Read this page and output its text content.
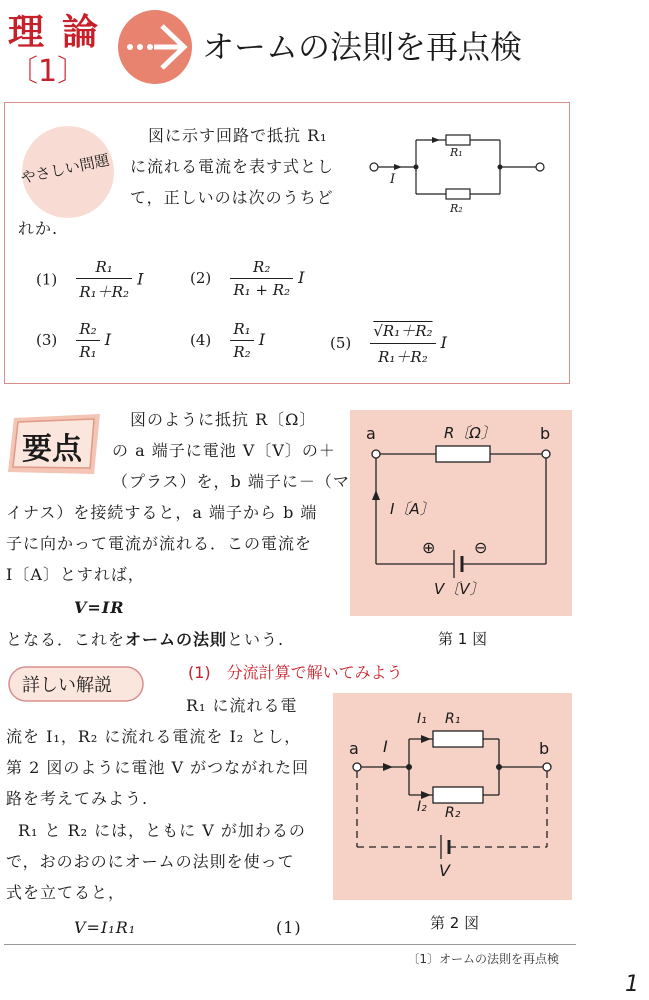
理論
〔1〕
オームの法則を再点検
やさしい問題
図に示す回路で抵抗 R₁
に流れる電流を表す式とし
て，正しいのは次のうちど
れか.
R₁
R₂
I
$(1) \frac{\text{R₁}}{\text{R₁＋R₂}}$ I	$(2) \frac{\text{R₂}}{\text{R₁ + R₂}}$ I
$(3) \frac{\text{R₂}}{\text{R₁}}$ I	$(4) \frac{\text{R₁}}{\text{R₂}}$ I	$(5) \frac{\text{√R₁＋R₂}}{\text{R₁＋R₂}}$ I
要点
図のように抵抗 R〔Ω〕
の a 端子に電池 V〔V〕の＋
（プラス）を，b 端子に－（マ
イナス）を接続すると，a 端子から b 端
子に向かって電流が流れる．この電流を
I〔A〕とすれば，
V=IR
となる．これをオームの法則という.
a	b
R〔Ω〕
I〔A〕
⊕ ⊖
V〔V〕
第 1 図
詳しい解説
(1)　分流計算で解いてみよう
R₁ に流れる電
流を I₁，R₂ に流れる電流を I₂ とし，
第 2 図のように電池 V がつながれた回
路を考えてみよう.
R₁ と R₂ には，ともに V が加わるの
で，おのおのにオームの法則を使って
式を立てると，
V=I₁R₁	(1)
a	b
I
I₁
I₂
R₁
R₂
V
第 2 図
〔1〕オームの法則を再点検
1
